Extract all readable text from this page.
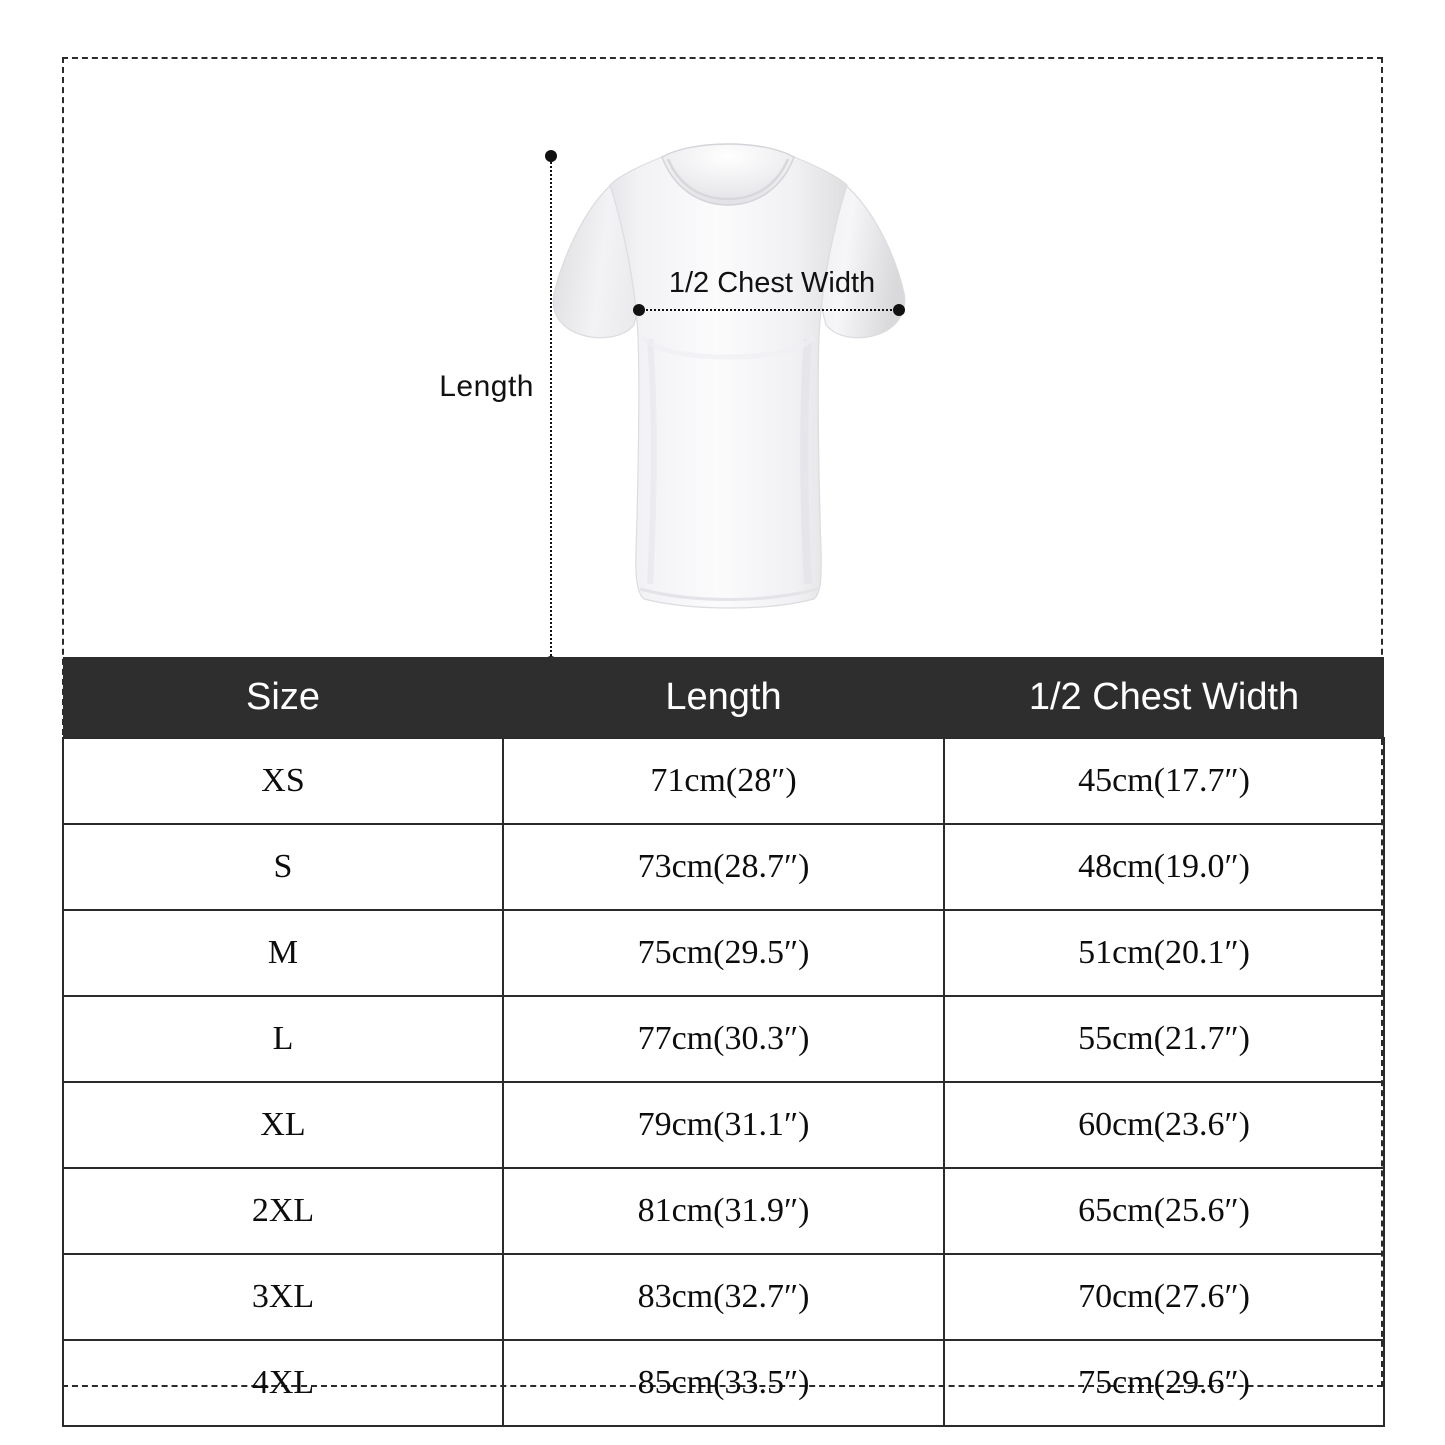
Length
1/2 Chest Width
Size	Length	1/2 Chest Width
XS	71cm(28″)	45cm(17.7″)
S	73cm(28.7″)	48cm(19.0″)
M	75cm(29.5″)	51cm(20.1″)
L	77cm(30.3″)	55cm(21.7″)
XL	79cm(31.1″)	60cm(23.6″)
2XL	81cm(31.9″)	65cm(25.6″)
3XL	83cm(32.7″)	70cm(27.6″)
4XL	85cm(33.5″)	75cm(29.6″)
